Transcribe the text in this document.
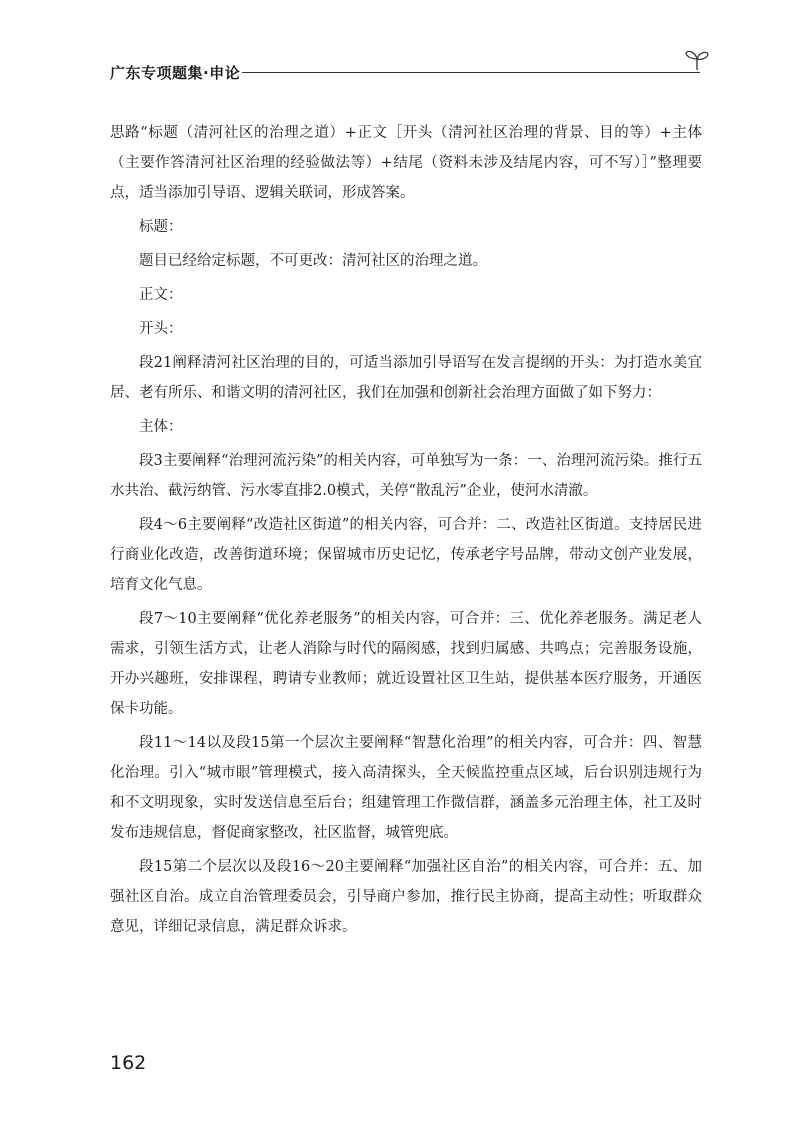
广东专项题集·申论

思路“标题（清河社区的治理之道）+正文［开头（清河社区治理的背景、目的等）+主体（主要作答清河社区治理的经验做法等）+结尾（资料未涉及结尾内容，可不写）］”整理要点，适当添加引导语、逻辑关联词，形成答案。

标题：

题目已经给定标题，不可更改：清河社区的治理之道。

正文：

开头：

段21阐释清河社区治理的目的，可适当添加引导语写在发言提纲的开头：为打造水美宜居、老有所乐、和谐文明的清河社区，我们在加强和创新社会治理方面做了如下努力：

主体：

段3主要阐释“治理河流污染”的相关内容，可单独写为一条：一、治理河流污染。推行五水共治、截污纳管、污水零直排2.0模式，关停“散乱污”企业，使河水清澈。

段4～6主要阐释“改造社区街道”的相关内容，可合并：二、改造社区街道。支持居民进行商业化改造，改善街道环境；保留城市历史记忆，传承老字号品牌，带动文创产业发展，培育文化气息。

段7～10主要阐释“优化养老服务”的相关内容，可合并：三、优化养老服务。满足老人需求，引领生活方式，让老人消除与时代的隔阂感，找到归属感、共鸣点；完善服务设施，开办兴趣班，安排课程，聘请专业教师；就近设置社区卫生站，提供基本医疗服务，开通医保卡功能。

段11～14以及段15第一个层次主要阐释“智慧化治理”的相关内容，可合并：四、智慧化治理。引入“城市眼”管理模式，接入高清探头，全天候监控重点区域，后台识别违规行为和不文明现象，实时发送信息至后台；组建管理工作微信群，涵盖多元治理主体，社工及时发布违规信息，督促商家整改，社区监督，城管兜底。

段15第二个层次以及段16～20主要阐释“加强社区自治”的相关内容，可合并：五、加强社区自治。成立自治管理委员会，引导商户参加，推行民主协商，提高主动性；听取群众意见，详细记录信息，满足群众诉求。

162
